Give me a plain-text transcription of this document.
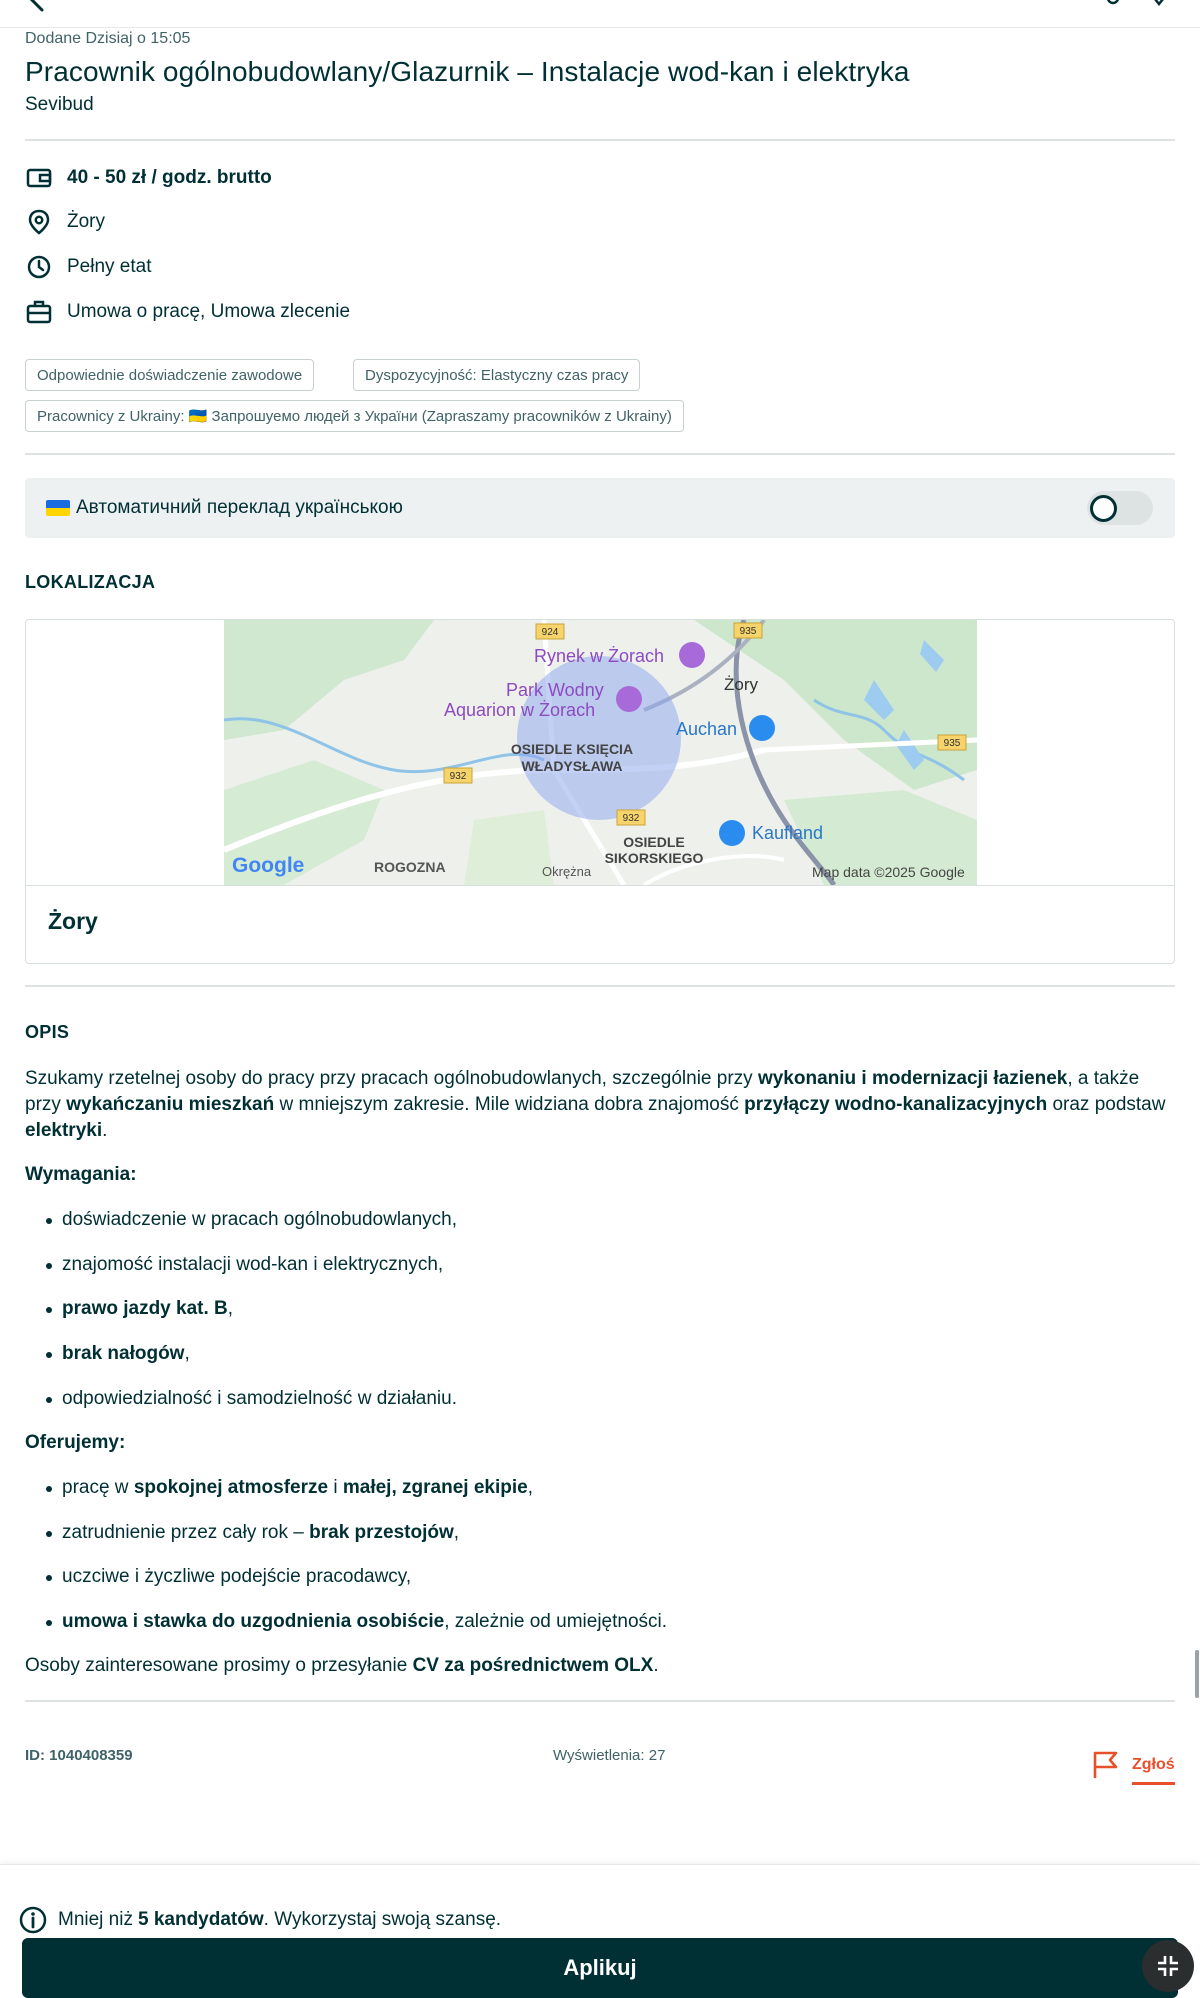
Dodane Dzisiaj o 15:05
Pracownik ogólnobudowlany/Glazurnik – Instalacje wod-kan i elektryka
Sevibud
40 - 50 zł / godz. brutto
Żory
Pełny etat
Umowa o pracę, Umowa zlecenie
Odpowiednie doświadczenie zawodowe	Dyspozycyjność: Elastyczny czas pracy
Pracownicy z Ukrainy: 🇺🇦 Запрошуемо людей з України (Zapraszamy pracowników z Ukrainy)
Автоматичний переклад українською
LOKALIZACJA
924	935
935
932
932
Rynek w Żorach
Park Wodny
Aquarion w Żorach
Żory
Auchan
OSIEDLE KSIĘCIA
WŁADYSŁAWA
OSIEDLE
SIKORSKIEGO
Kaufland
ROGOZNA	Okrężna
Google	Map data ©2025 Google
Żory
OPIS

Szukamy rzetelnej osoby do pracy przy pracach ogólnobudowlanych, szczególnie przy wykonaniu i modernizacji łazienek, a także przy wykańczaniu mieszkań w mniejszym zakresie. Mile widziana dobra znajomość przyłączy wodno-kanalizacyjnych oraz podstaw elektryki.

Wymagania:
doświadczenie w pracach ogólnobudowlanych,
znajomość instalacji wod-kan i elektrycznych,
prawo jazdy kat. B,
brak nałogów,
odpowiedzialność i samodzielność w działaniu.
Oferujemy:
pracę w spokojnej atmosferze i małej, zgranej ekipie,
zatrudnienie przez cały rok – brak przestojów,
uczciwe i życzliwe podejście pracodawcy,
umowa i stawka do uzgodnienia osobiście, zależnie od umiejętności.
Osoby zainteresowane prosimy o przesyłanie CV za pośrednictwem OLX.
ID: 1040408359	Wyświetlenia: 27
Zgłoś
Mniej niż 5 kandydatów . Wykorzystaj swoją szansę.
Aplikuj
